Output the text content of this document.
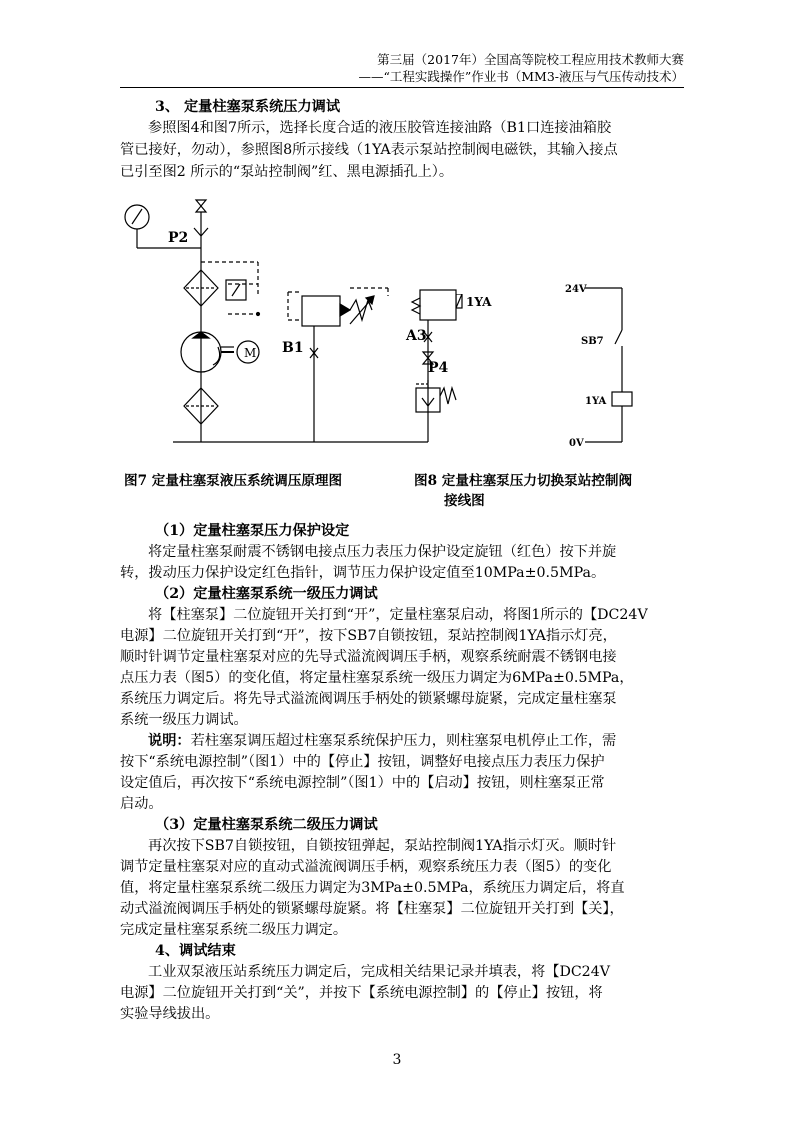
第三届（2017年）全国高等院校工程应用技术教师大赛
——“工程实践操作”作业书（MM3-液压与气压传动技术）
3、 定量柱塞泵系统压力调试
参照图4和图7所示，选择长度合适的液压胶管连接油路（B1口连接油箱胶
管已接好，勿动），参照图8所示接线（1YA表示泵站控制阀电磁铁，其输入接点
已引至图2 所示的“泵站控制阀”红、黑电源插孔上）。
P2
M B1
A3
P4
1YA
24V
SB7
1YA
0V
图7 定量柱塞泵液压系统调压原理图	图8 定量柱塞泵压力切换泵站控制阀
接线图
（1）定量柱塞泵压力保护设定
将定量柱塞泵耐震不锈钢电接点压力表压力保护设定旋钮（红色）按下并旋
转，拨动压力保护设定红色指针，调节压力保护设定值至10MPa±0.5MPa。
（2）定量柱塞泵系统一级压力调试
将【柱塞泵】二位旋钮开关打到“开”，定量柱塞泵启动，将图1所示的【DC24V
电源】二位旋钮开关打到“开”，按下SB7自锁按钮，泵站控制阀1YA指示灯亮，
顺时针调节定量柱塞泵对应的先导式溢流阀调压手柄，观察系统耐震不锈钢电接
点压力表（图5）的变化值，将定量柱塞泵系统一级压力调定为6MPa±0.5MPa，
系统压力调定后。将先导式溢流阀调压手柄处的锁紧螺母旋紧，完成定量柱塞泵
系统一级压力调试。
说明：若柱塞泵调压超过柱塞泵系统保护压力，则柱塞泵电机停止工作，需
按下“系统电源控制”（图1）中的【停止】按钮，调整好电接点压力表压力保护
设定值后，再次按下“系统电源控制”（图1）中的【启动】按钮，则柱塞泵正常
启动。
（3）定量柱塞泵系统二级压力调试
再次按下SB7自锁按钮，自锁按钮弹起，泵站控制阀1YA指示灯灭。顺时针
调节定量柱塞泵对应的直动式溢流阀调压手柄，观察系统压力表（图5）的变化
值，将定量柱塞泵系统二级压力调定为3MPa±0.5MPa，系统压力调定后，将直
动式溢流阀调压手柄处的锁紧螺母旋紧。将【柱塞泵】二位旋钮开关打到【关】，
完成定量柱塞泵系统二级压力调定。
4、调试结束
工业双泵液压站系统压力调定后，完成相关结果记录并填表，将【DC24V
电源】二位旋钮开关打到“关”，并按下【系统电源控制】的【停止】按钮，将
实验导线拔出。
3
